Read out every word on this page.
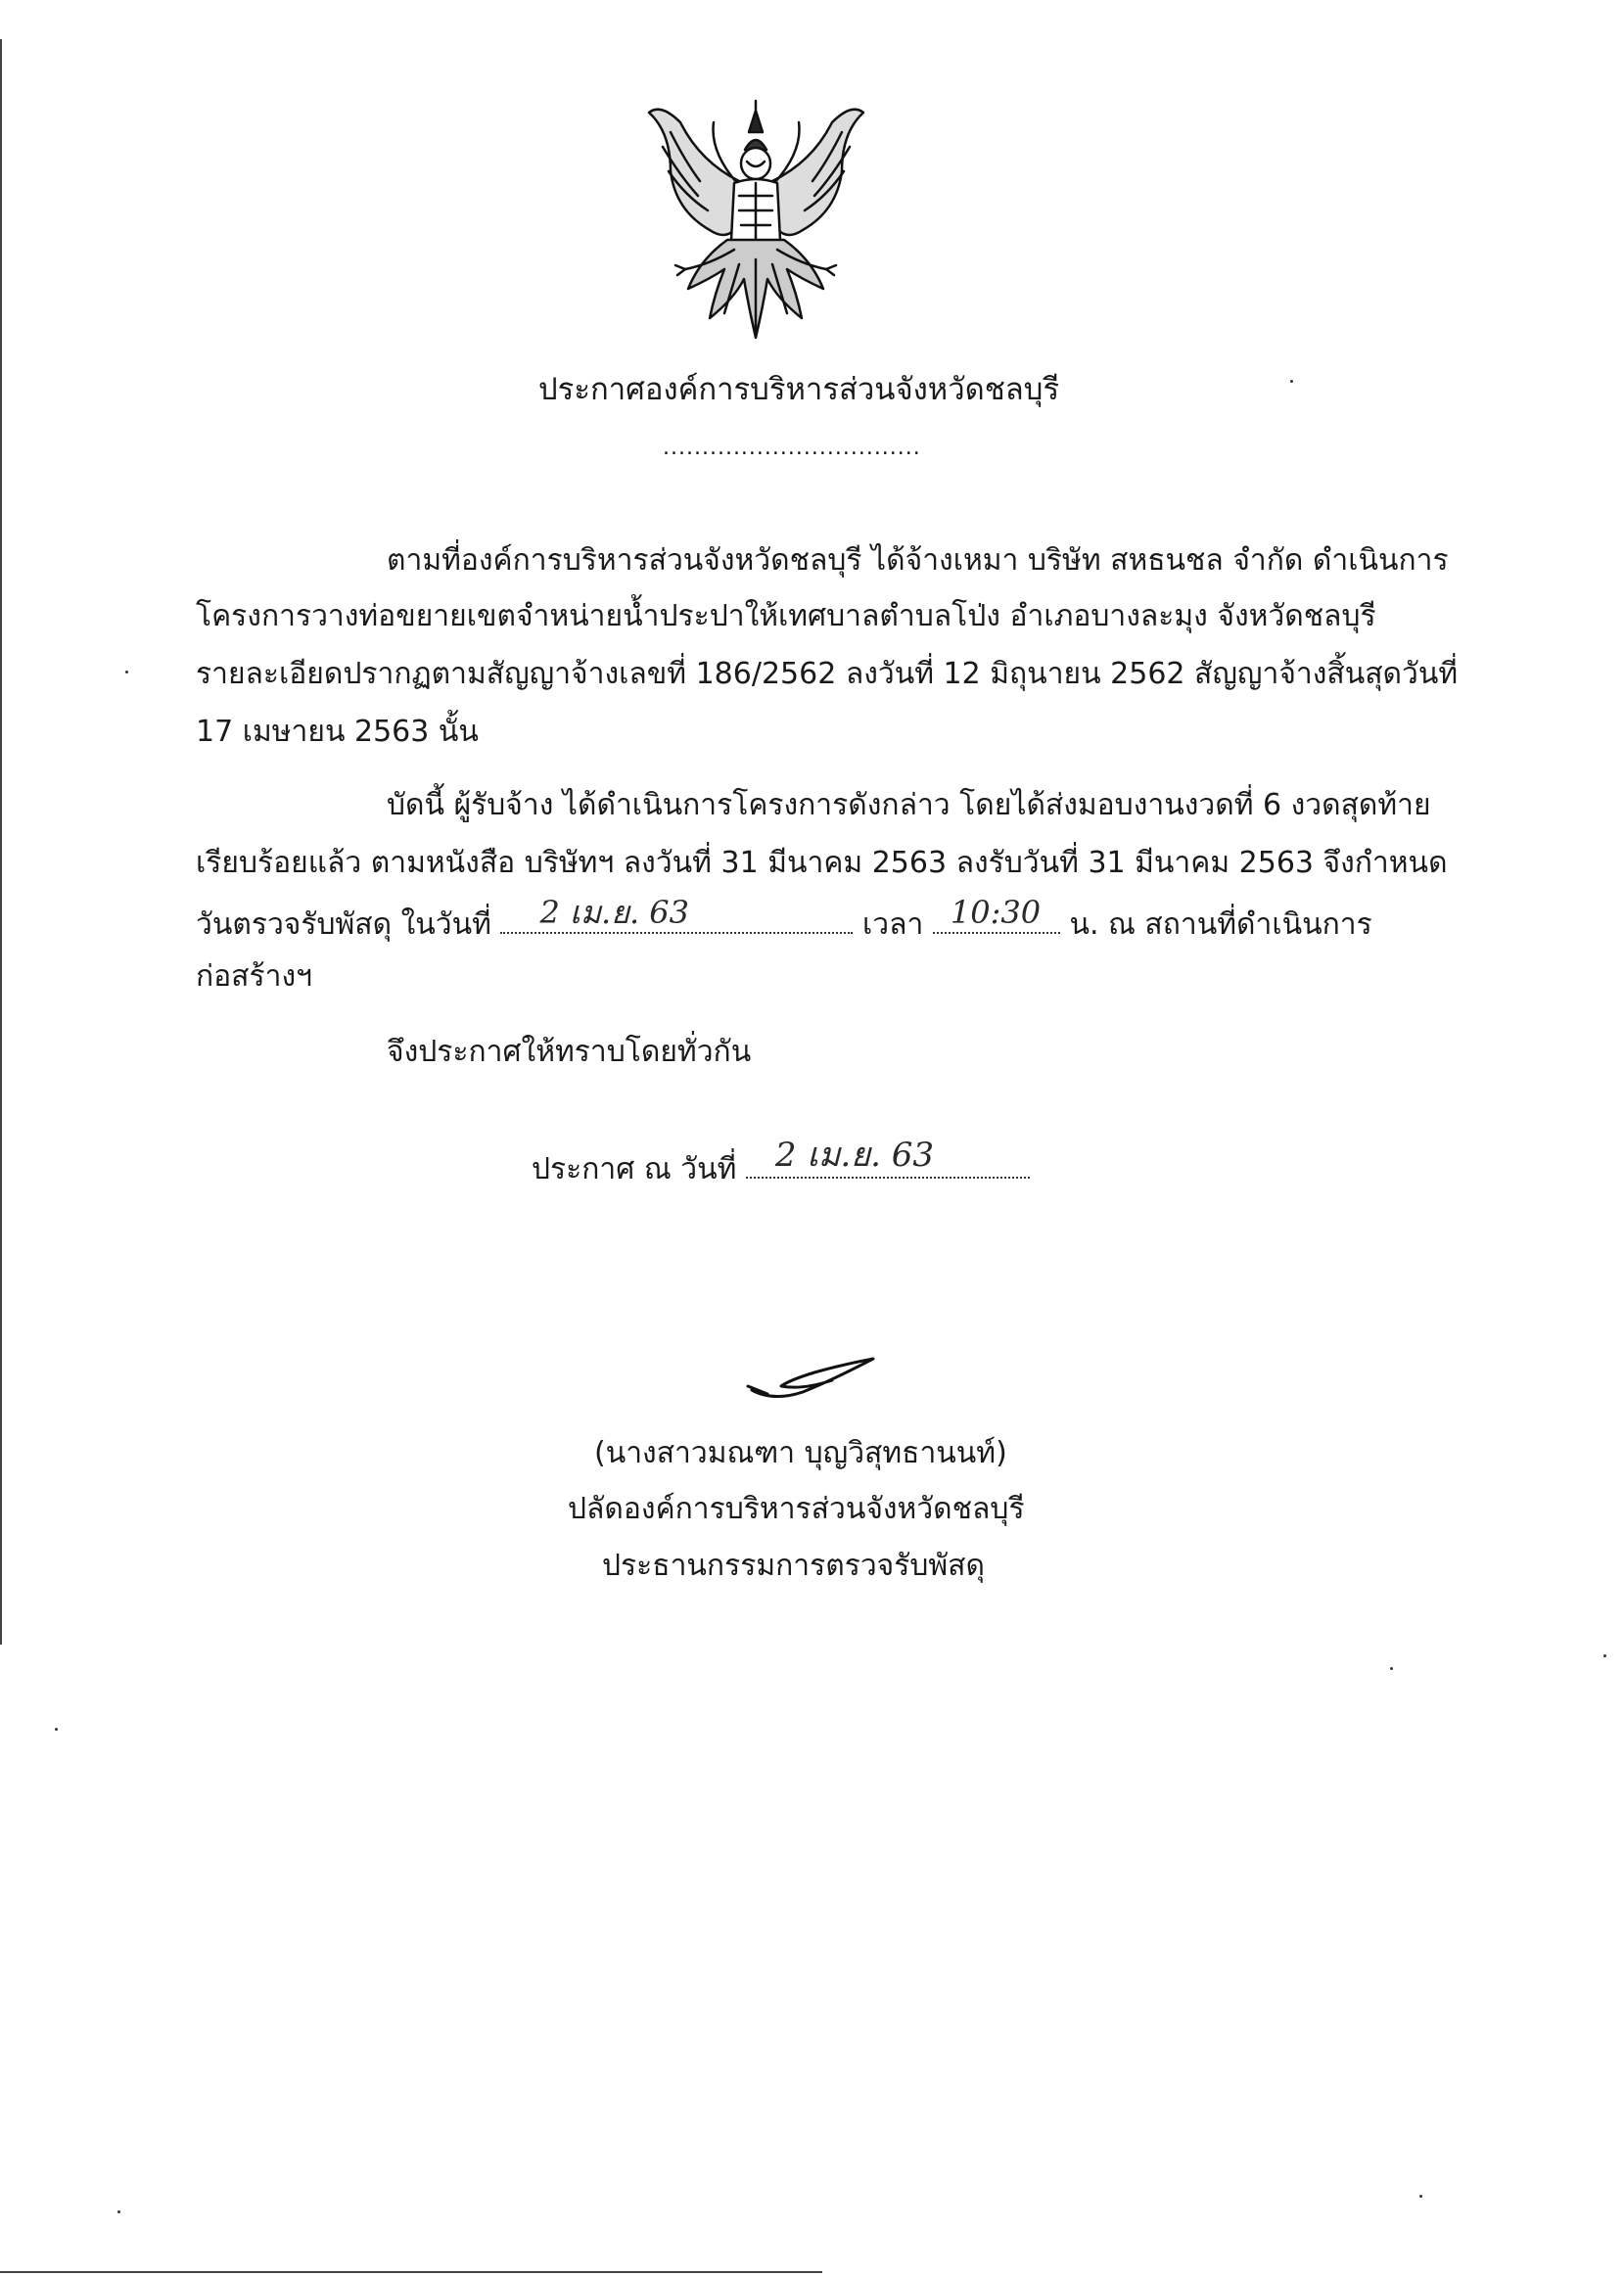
ประกาศองค์การบริหารส่วนจังหวัดชลบุรี
.................................
ตามที่องค์การบริหารส่วนจังหวัดชลบุรี ได้จ้างเหมา บริษัท สหธนชล จำกัด ดำเนินการ
โครงการวางท่อขยายเขตจำหน่ายน้ำประปาให้เทศบาลตำบลโป่ง อำเภอบางละมุง จังหวัดชลบุรี
รายละเอียดปรากฏตามสัญญาจ้างเลขที่ 186/2562 ลงวันที่ 12 มิถุนายน 2562 สัญญาจ้างสิ้นสุดวันที่
17 เมษายน 2563 นั้น
บัดนี้ ผู้รับจ้าง ได้ดำเนินการโครงการดังกล่าว โดยได้ส่งมอบงานงวดที่ 6 งวดสุดท้าย
เรียบร้อยแล้ว ตามหนังสือ บริษัทฯ ลงวันที่ 31 มีนาคม 2563 ลงรับวันที่ 31 มีนาคม 2563 จึงกำหนด
วันตรวจรับพัสดุ ในวันที่ 2 เม.ย. 63	เวลา 10:30 น. ณ สถานที่ดำเนินการ
ก่อสร้างฯ
จึงประกาศให้ทราบโดยทั่วกัน
ประกาศ ณ วันที่ 2 เม.ย. 63
(นางสาวมณฑา บุญวิสุทธานนท์)
ปลัดองค์การบริหารส่วนจังหวัดชลบุรี
ประธานกรรมการตรวจรับพัสดุ
